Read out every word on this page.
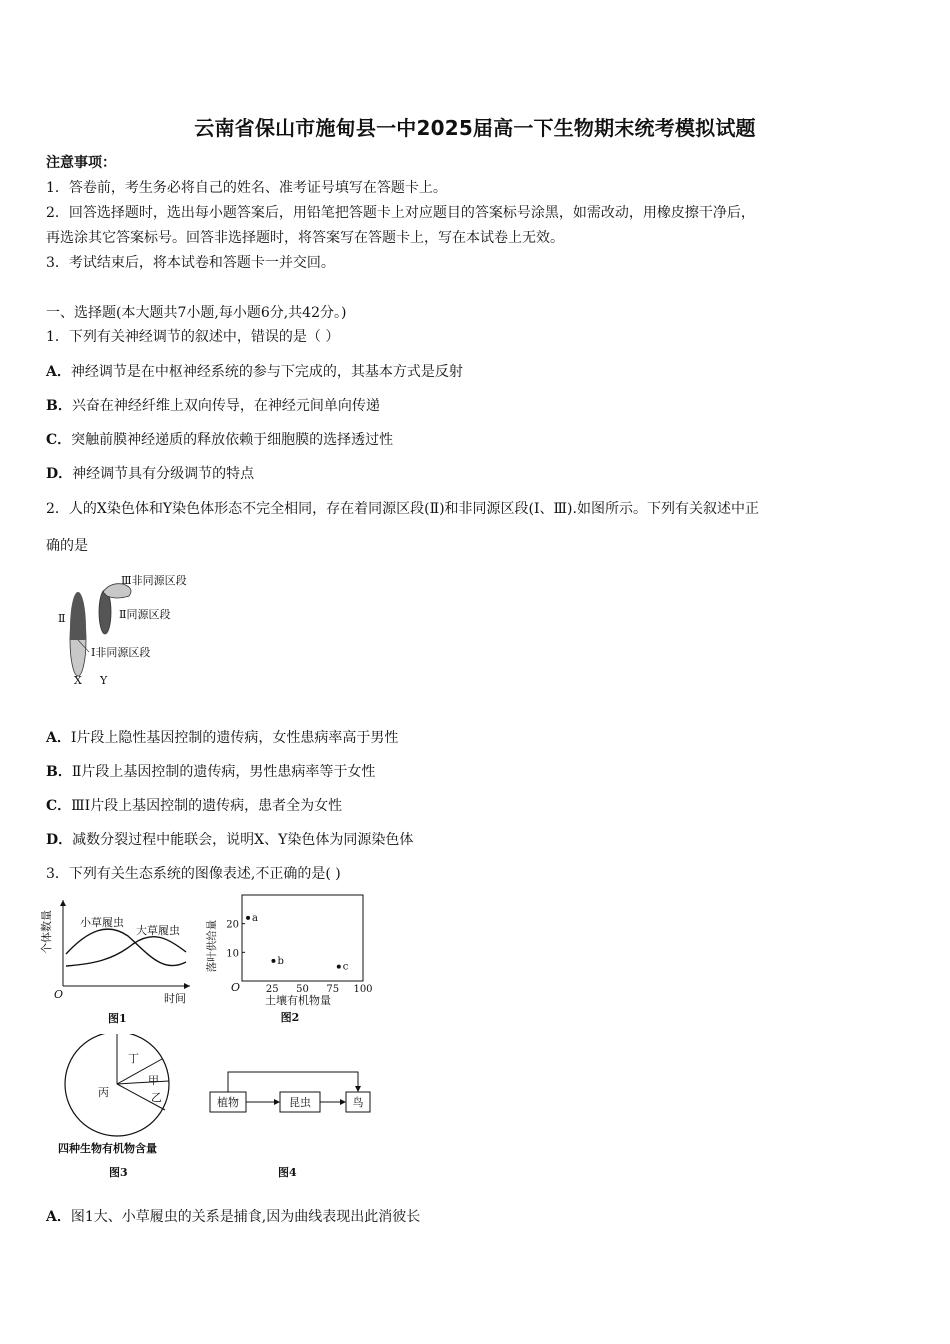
云南省保山市施甸县一中2025届高一下生物期末统考模拟试题
注意事项：
1．答卷前，考生务必将自己的姓名、准考证号填写在答题卡上。
2．回答选择题时，选出每小题答案后，用铅笔把答题卡上对应题目的答案标号涂黑，如需改动，用橡皮擦干净后，
再选涂其它答案标号。回答非选择题时，将答案写在答题卡上，写在本试卷上无效。
3．考试结束后，将本试卷和答题卡一并交回。
一、选择题(本大题共7小题,每小题6分,共42分。)
1．下列有关神经调节的叙述中，错误的是（ ）
A．神经调节是在中枢神经系统的参与下完成的，其基本方式是反射
B．兴奋在神经纤维上双向传导，在神经元间单向传递
C．突触前膜神经递质的释放依赖于细胞膜的选择透过性
D．神经调节具有分级调节的特点
2．人的X染色体和Y染色体形态不完全相同，存在着同源区段(Ⅱ)和非同源区段(Ⅰ、Ⅲ).如图所示。下列有关叙述中正
确的是
Ⅱ
Ⅲ非同源区段
Ⅱ同源区段
Ⅰ非同源区段
X Y
A．I片段上隐性基因控制的遗传病，女性患病率高于男性
B．Ⅱ片段上基因控制的遗传病，男性患病率等于女性
C．ⅢI片段上基因控制的遗传病，患者全为女性
D．减数分裂过程中能联会，说明X、Y染色体为同源染色体
3．下列有关生态系统的图像表述,不正确的是( )
个体数量 小草履虫
大草履虫
O	时间
图1
25 50 75 100
10
20
a
b
c
落叶供给量
O
土壤有机物量
图2
丙
丁
甲
乙
四种生物有机物含量
图3
植物	昆虫	鸟
图4
A．图1大、小草履虫的关系是捕食,因为曲线表现出此消彼长
